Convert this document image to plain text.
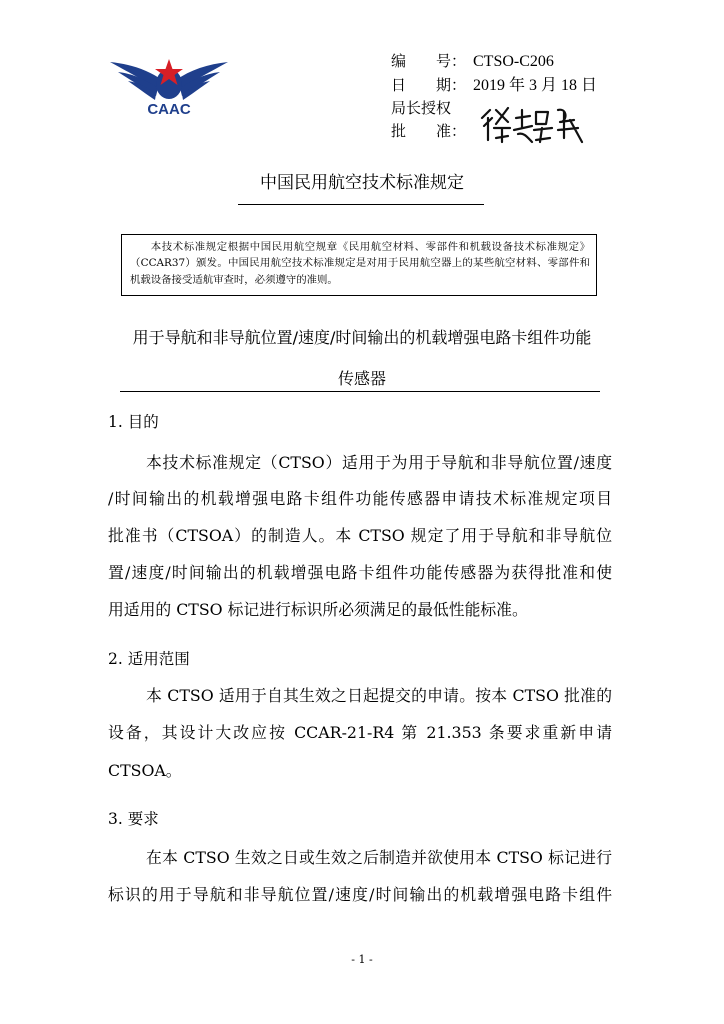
CAAC
编　　号： CTSO-C206
日　　期： 2019 年 3 月 18 日
局长授权
批　　准：
中国民用航空技术标准规定
本技术标准规定根据中国民用航空规章《民用航空材料、零部件和机载设备技术标准规定》（CCAR37）颁发。中国民用航空技术标准规定是对用于民用航空器上的某些航空材料、零部件和机载设备接受适航审查时，必须遵守的准则。
用于导航和非导航位置/速度/时间输出的机载增强电路卡组件功能
传感器
1. 目的
本技术标准规定（CTSO）适用于为用于导航和非导航位置/速度
/时间输出的机载增强电路卡组件功能传感器申请技术标准规定项目
批准书（CTSOA）的制造人。本 CTSO 规定了用于导航和非导航位
置/速度/时间输出的机载增强电路卡组件功能传感器为获得批准和使
用适用的 CTSO 标记进行标识所必须满足的最低性能标准。
2. 适用范围
本 CTSO 适用于自其生效之日起提交的申请。按本 CTSO 批准的
设备，其设计大改应按 CCAR-21-R4 第 21.353 条要求重新申请
CTSOA。
3. 要求
在本 CTSO 生效之日或生效之后制造并欲使用本 CTSO 标记进行
标识的用于导航和非导航位置/速度/时间输出的机载增强电路卡组件
- 1 -
